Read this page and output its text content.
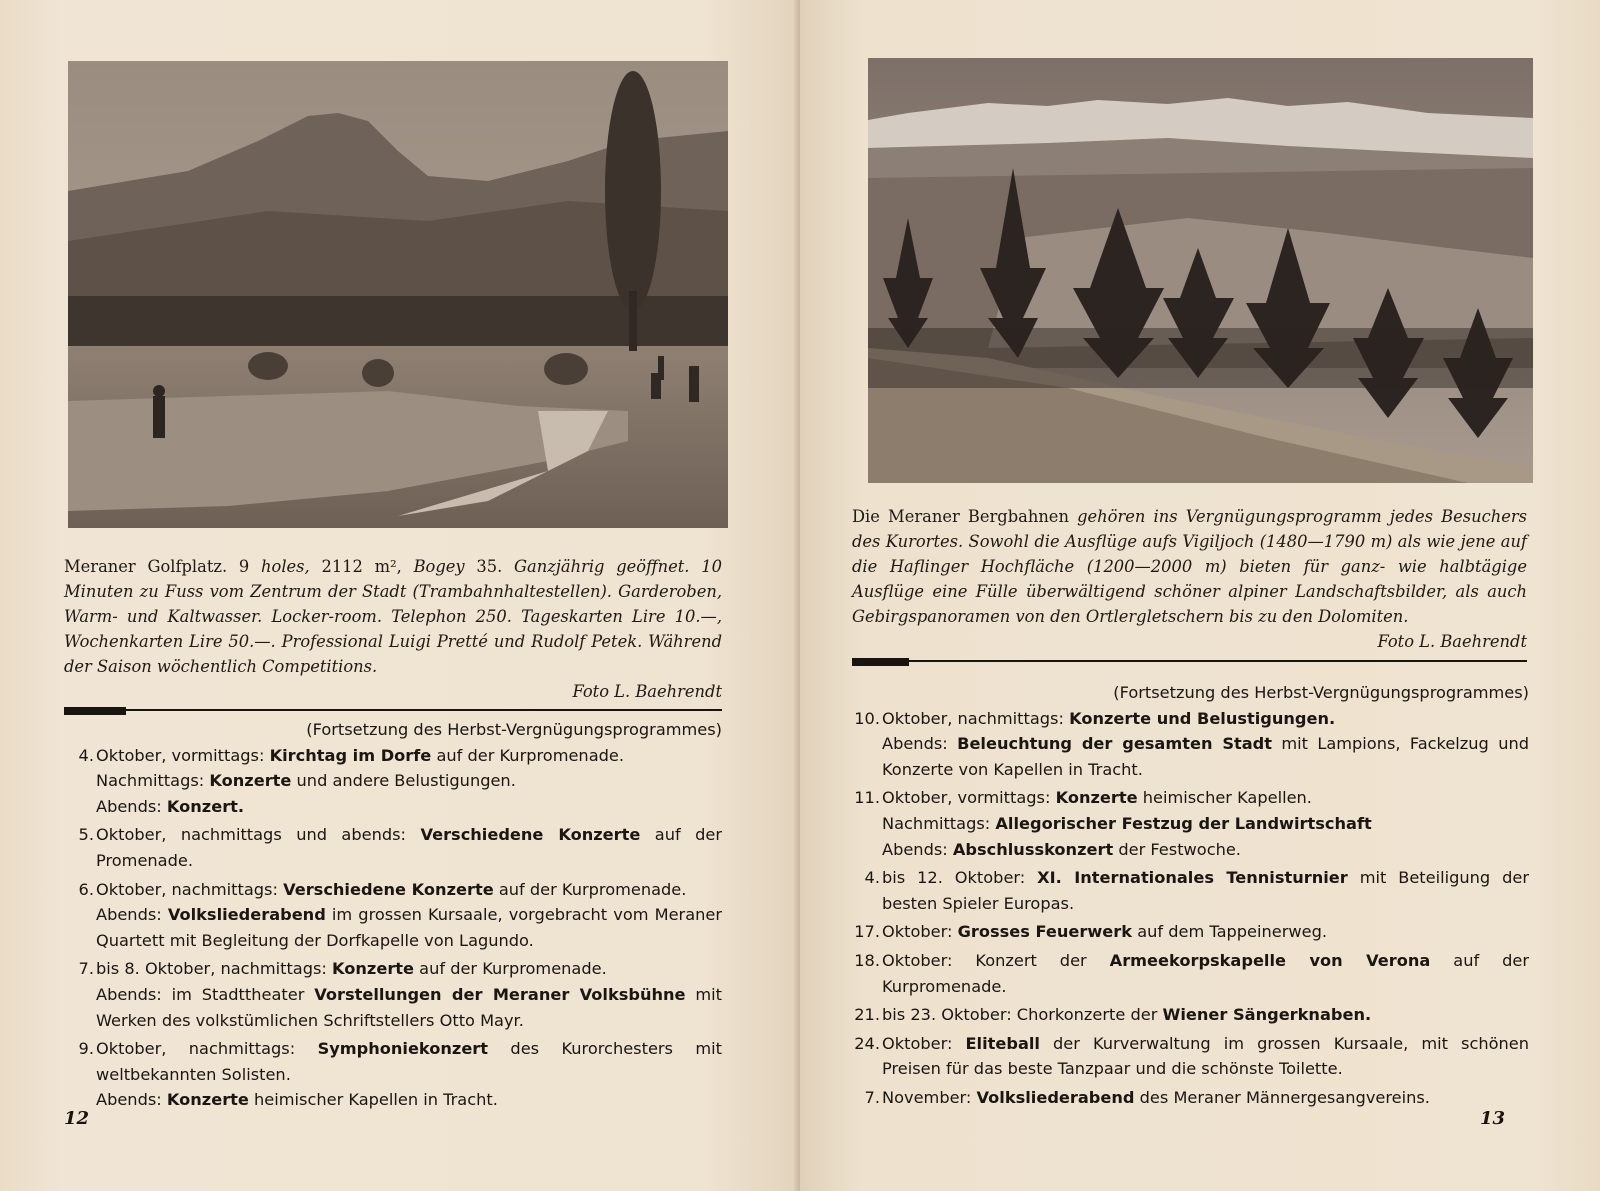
Meraner Golfplatz. 9 holes, 2112 m², Bogey 35. Ganzjährig geöffnet. 10 Minuten zu Fuss vom Zentrum der Stadt (Trambahnhaltestellen). Garderoben, Warm- und Kaltwasser. Locker-room. Telephon 250. Tageskarten Lire 10.—, Wochenkarten Lire 50.—. Professional Luigi Pretté und Rudolf Petek. Während der Saison wöchentlich Competitions.
Foto L. Baehrendt
(Fortsetzung des Herbst-Vergnügungsprogrammes)
4. Oktober, vormittags: Kirchtag im Dorfe auf der Kurpromenade.
Nachmittags: Konzerte und andere Belustigungen.
Abends: Konzert.
5. Oktober, nachmittags und abends: Verschiedene Konzerte auf der Promenade.
6. Oktober, nachmittags: Verschiedene Konzerte auf der Kurpromenade.
Abends: Volksliederabend im grossen Kursaale, vorgebracht vom Meraner Quartett mit Begleitung der Dorfkapelle von Lagundo.
7. bis 8. Oktober, nachmittags: Konzerte auf der Kurpromenade.
Abends: im Stadttheater Vorstellungen der Meraner Volksbühne mit Werken des volkstümlichen Schriftstellers Otto Mayr.
9. Oktober, nachmittags: Symphoniekonzert des Kurorchesters mit weltbekannten Solisten.
Abends: Konzerte heimischer Kapellen in Tracht.
12
Die Meraner Bergbahnen gehören ins Vergnügungsprogramm jedes Besuchers des Kurortes. Sowohl die Ausflüge aufs Vigiljoch (1480—1790 m) als wie jene auf die Haflinger Hochfläche (1200—2000 m) bieten für ganz- wie halbtägige Ausflüge eine Fülle überwältigend schöner alpiner Landschaftsbilder, als auch Gebirgspanoramen von den Ortlergletschern bis zu den Dolomiten.
Foto L. Baehrendt
(Fortsetzung des Herbst-Vergnügungsprogrammes)
10. Oktober, nachmittags: Konzerte und Belustigungen.
Abends: Beleuchtung der gesamten Stadt mit Lampions, Fackelzug und Konzerte von Kapellen in Tracht.
11. Oktober, vormittags: Konzerte heimischer Kapellen.
Nachmittags: Allegorischer Festzug der Landwirtschaft
Abends: Abschlusskonzert der Festwoche.
4. bis 12. Oktober: XI. Internationales Tennisturnier mit Beteiligung der besten Spieler Europas.
17. Oktober: Grosses Feuerwerk auf dem Tappeinerweg.
18. Oktober: Konzert der Armeekorpskapelle von Verona auf der Kurpromenade.
21. bis 23. Oktober: Chorkonzerte der Wiener Sängerknaben.
24. Oktober: Eliteball der Kurverwaltung im grossen Kursaale, mit schönen Preisen für das beste Tanzpaar und die schönste Toilette.
7. November: Volksliederabend des Meraner Männergesangvereins.
13
